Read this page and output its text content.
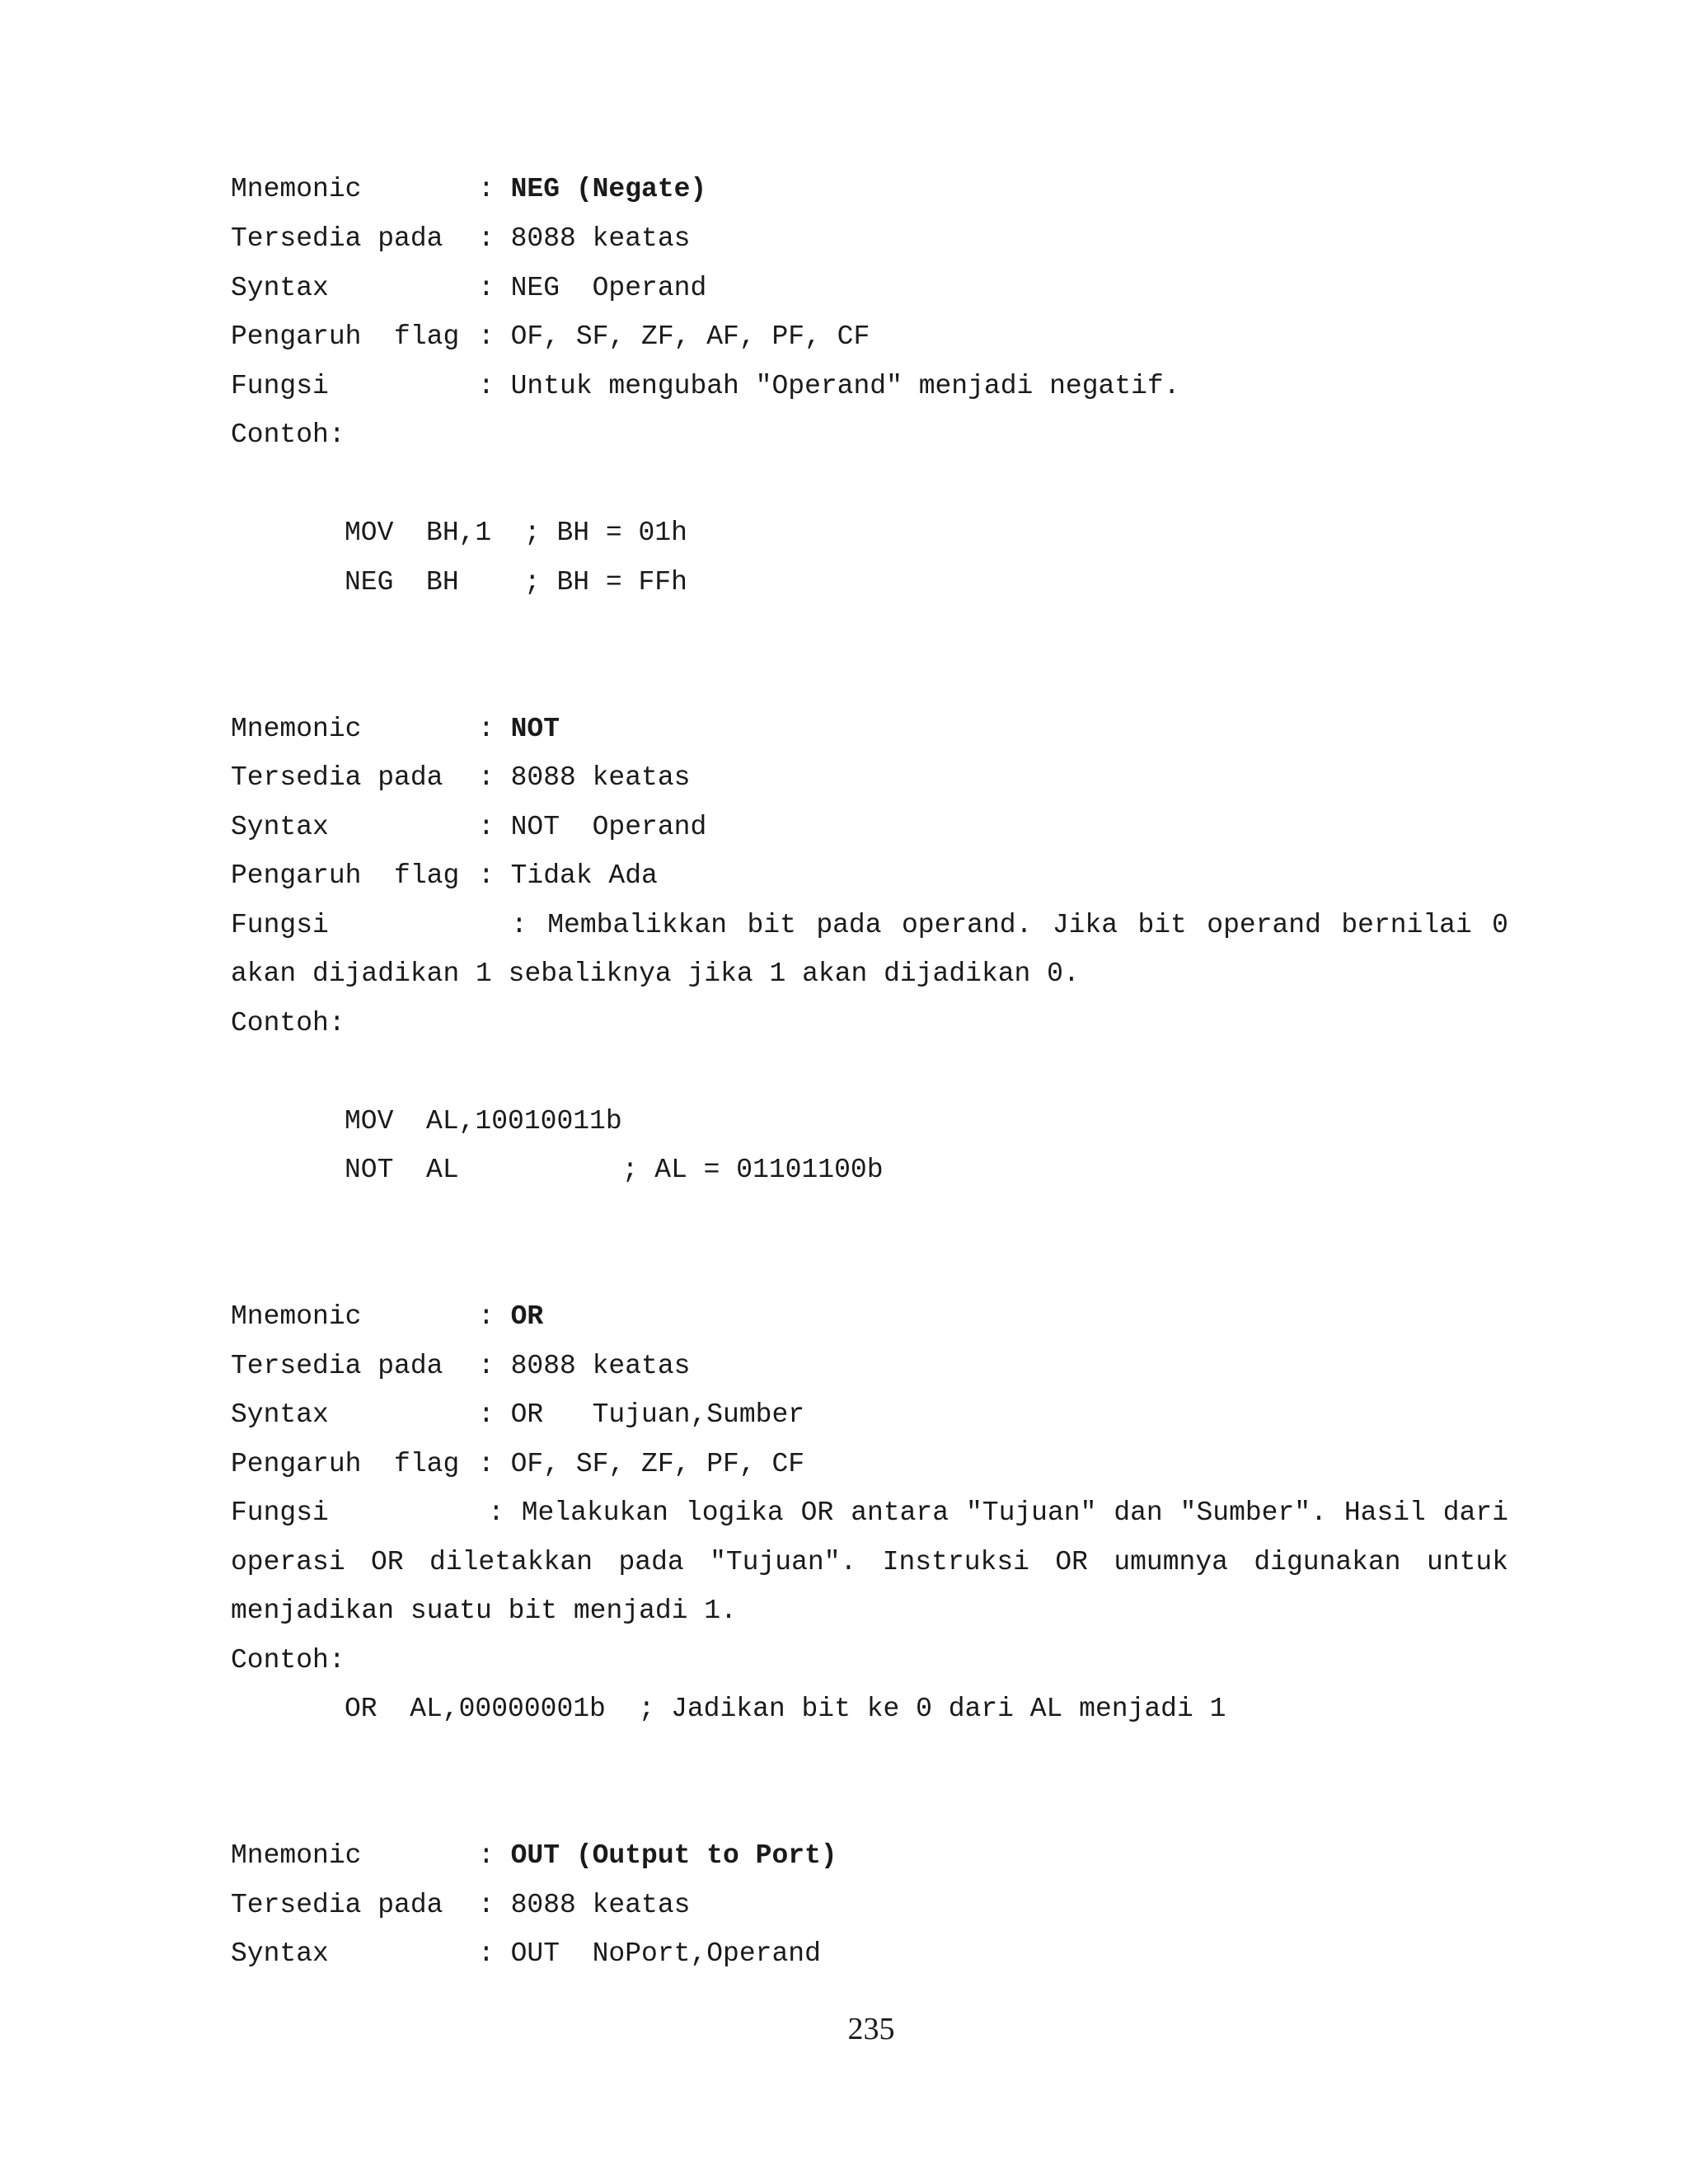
Mnemonic	: NEG (Negate)
Tersedia pada : 8088 keatas
Syntax	: NEG  Operand
Pengaruh  flag : OF, SF, ZF, AF, PF, CF
Fungsi	: Untuk mengubah "Operand" menjadi negatif.
Contoh:
MOV  BH,1  ; BH = 01h
NEG  BH    ; BH = FFh
Mnemonic	: NOT
Tersedia pada : 8088 keatas
Syntax	: NOT  Operand
Pengaruh  flag : Tidak Ada
Fungsi	: Membalikkan bit pada operand. Jika bit operand bernilai 0
akan dijadikan 1 sebaliknya jika 1 akan dijadikan 0.
Contoh:
MOV  AL,10010011b
NOT  AL          ; AL = 01101100b
Mnemonic	: OR
Tersedia pada : 8088 keatas
Syntax	: OR   Tujuan,Sumber
Pengaruh  flag : OF, SF, ZF, PF, CF
Fungsi	: Melakukan logika OR antara "Tujuan" dan "Sumber". Hasil dari
operasi OR diletakkan pada "Tujuan". Instruksi OR umumnya digunakan untuk
menjadikan suatu bit menjadi 1.
Contoh:
OR  AL,00000001b  ; Jadikan bit ke 0 dari AL menjadi 1
Mnemonic	: OUT (Output to Port)
Tersedia pada : 8088 keatas
Syntax	: OUT  NoPort,Operand
235
